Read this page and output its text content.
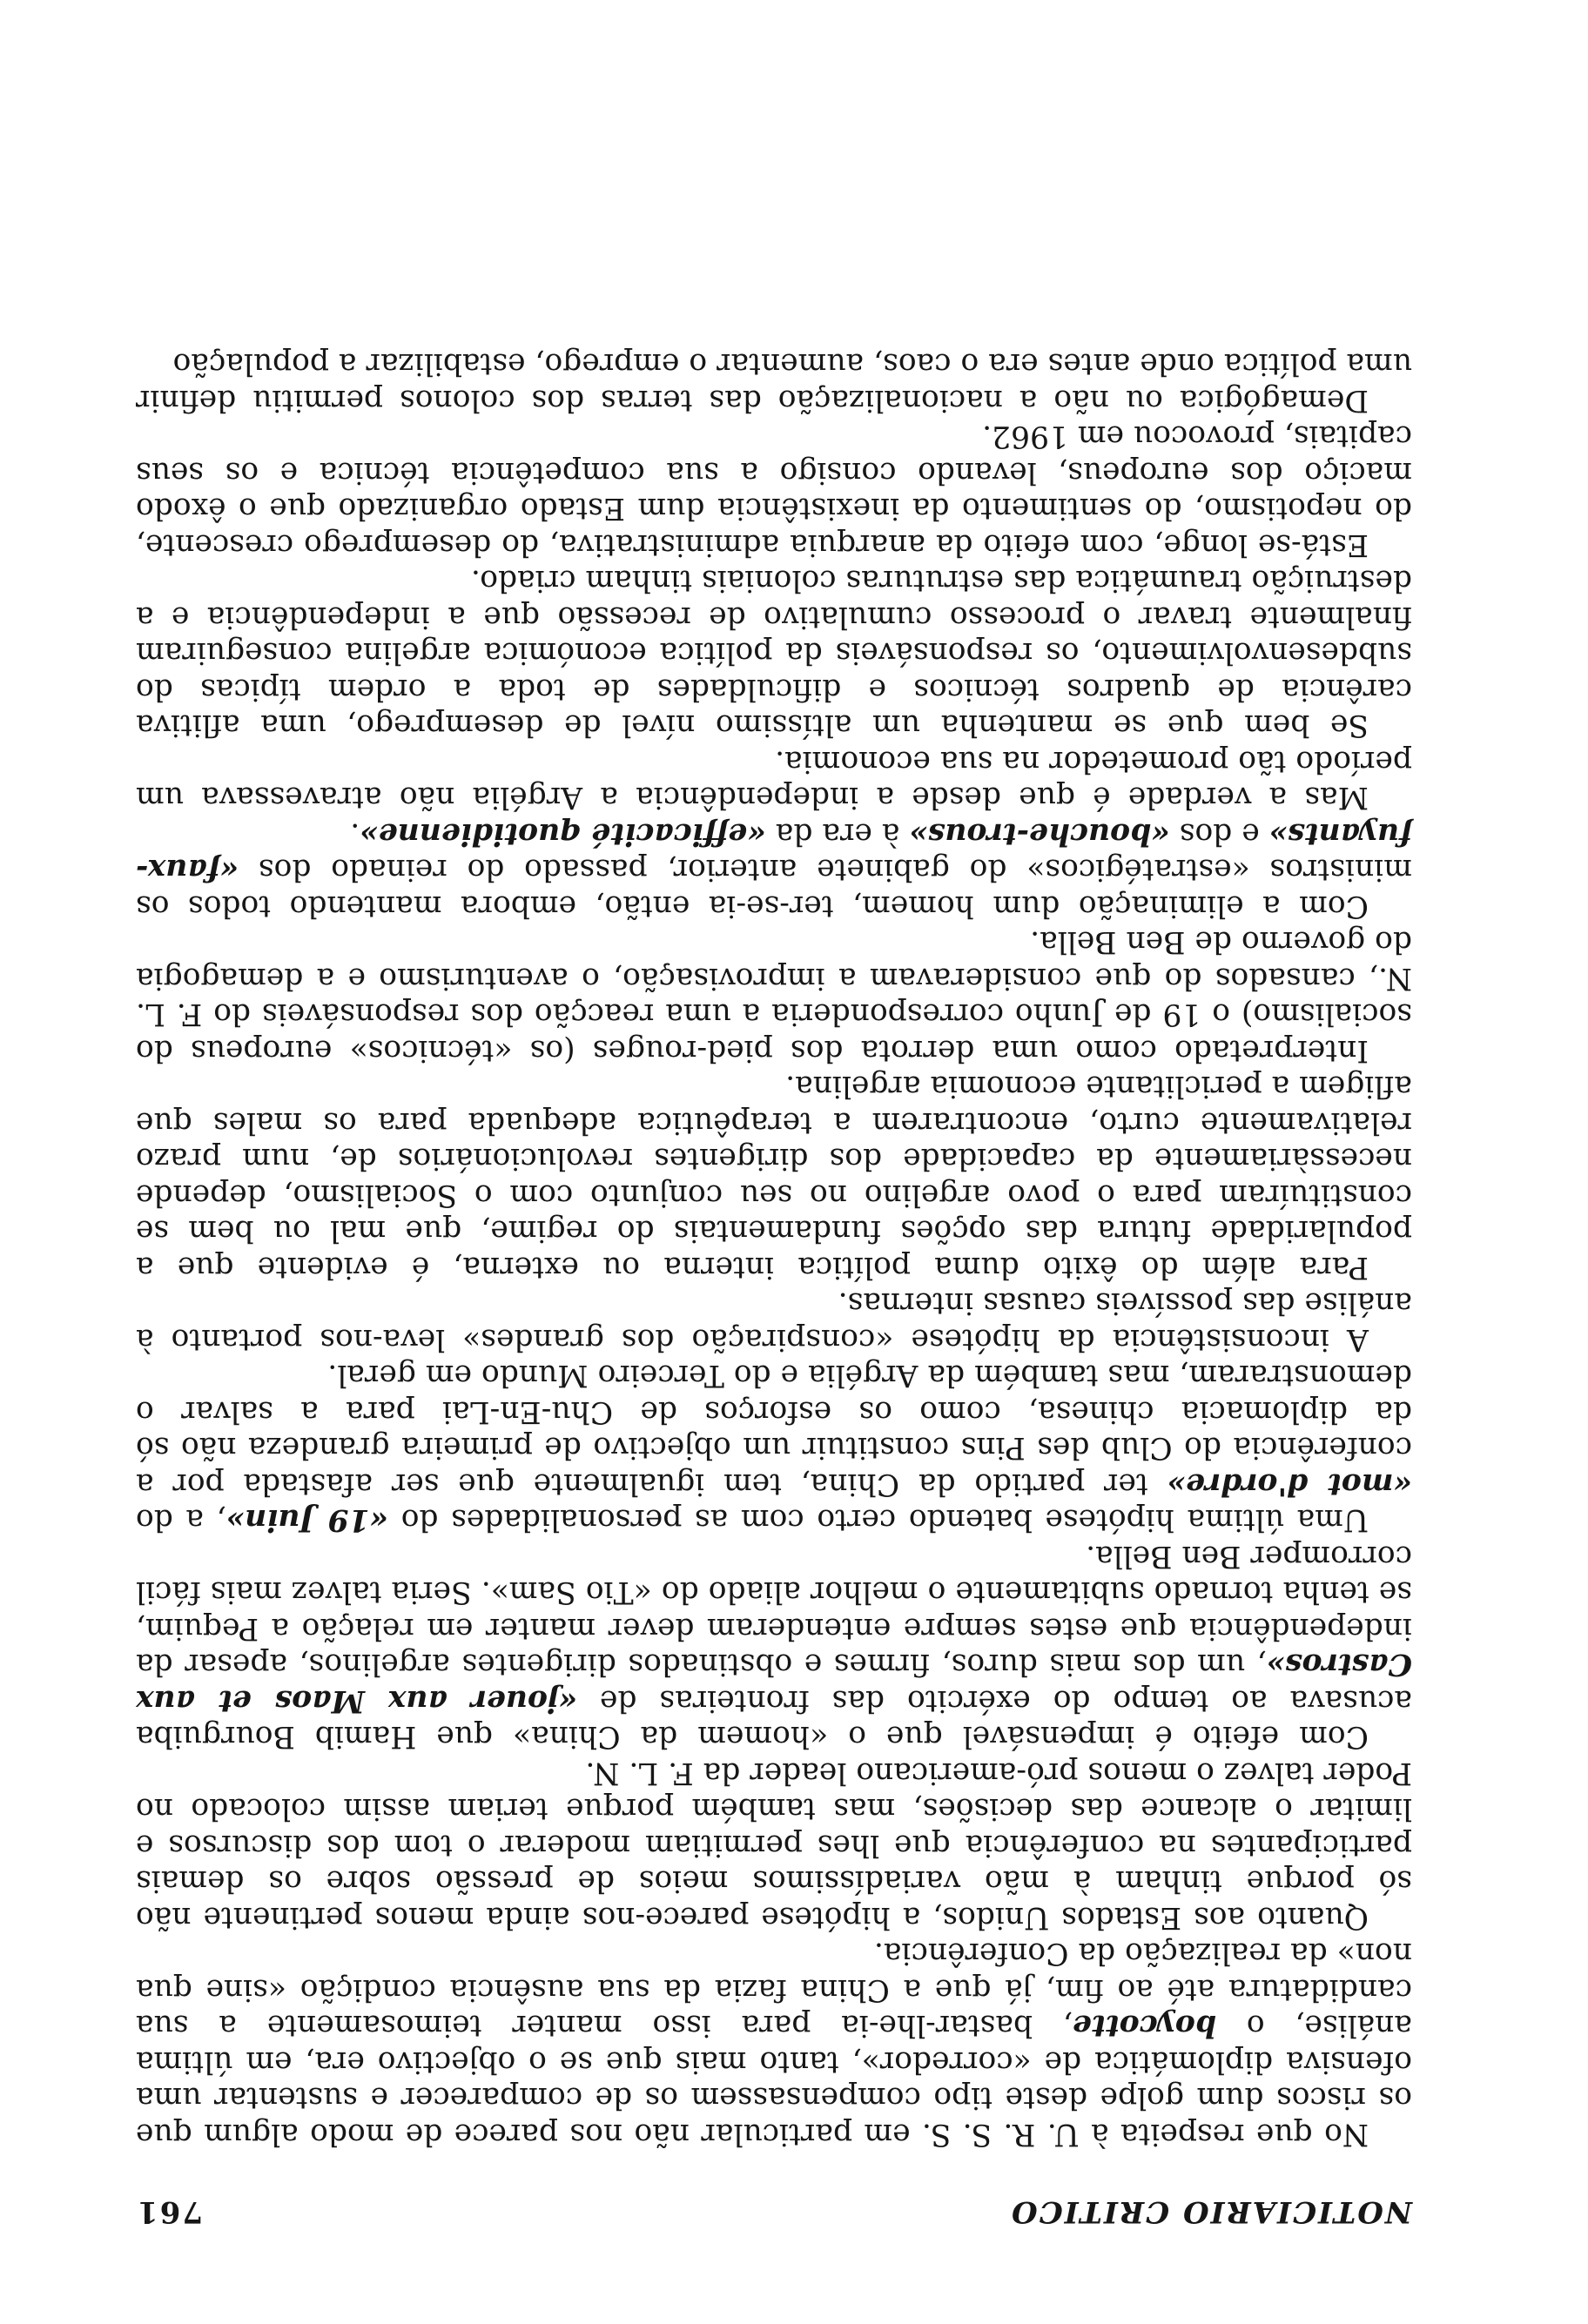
NOTICIARIO CRITICO
761

No que respeita à U. R. S. S. em particular não nos parece de modo algum que os riscos dum golpe deste tipo compensassem os de comparecer e sustentar uma ofensiva diplomática de «corredor», tanto mais que se o objectivo era, em última análise, o boycotte, bastar-lhe-ia para isso manter teimosamente a sua candidatura até ao fim, já que a China fazia da sua ausência condição «sine qua non» da realização da Conferência.

Quanto aos Estados Unidos, a hipótese parece-nos ainda menos pertinente não só porque tinham à mão variadíssimos meios de pressão sobre os demais participantes na conferência que lhes permitiam moderar o tom dos discursos e limitar o alcance das decisões, mas também porque teriam assim colocado no Poder talvez o menos pró-americano leader da F. L. N.

Com efeito é impensável que o «homem da China» que Hamib Bourguiba acusava ao tempo do exército das fronteiras de «jouer aux Maos et aux Castros», um dos mais duros, firmes e obstinados dirigentes argelinos, apesar da independência que estes sempre entenderam dever manter em relação a Pequim, se tenha tornado subitamente o melhor aliado do «Tio Sam». Seria talvez mais fácil corromper Ben Bella.

Uma última hipótese batendo certo com as personalidades do «19 Juin», a do «mot d'ordre» ter partido da China, tem igualmente que ser afastada por a conferência do Club des Pins constituir um objectivo de primeira grandeza não só da diplomacia chinesa, como os esforços de Chu-En-Lai para a salvar o demonstraram, mas também da Argélia e do Terceiro Mundo em geral.

A inconsistência da hipótese «conspiração dos grandes» leva-nos portanto à análise das possíveis causas internas.

Para além do êxito duma política interna ou externa, é evidente que a popularidade futura das opções fundamentais do regime, que mal ou bem se constituíram para o povo argelino no seu conjunto com o Socialismo, depende necessàriamente da capacidade dos dirigentes revolucionários de, num prazo relativamente curto, encontrarem a terapêutica adequada para os males que afligem a periclitante economia argelina.

Interpretado como uma derrota dos pied-rouges (os «técnicos» europeus do socialismo) o 19 de Junho corresponderia a uma reacção dos responsáveis do F. L. N., cansados do que consideravam a improvisação, o aventurismo e a demagogia do governo de Ben Bella.

Com a eliminação dum homem, ter-se-ia então, embora mantendo todos os ministros «estratégicos» do gabinete anterior, passado do reinado dos «faux-fuyants» e dos «bouche-trous» à era da «efficacité quotidienne».

Mas a verdade é que desde a independência a Argélia não atravessava um período tão prometedor na sua economia.

Se bem que se mantenha um altíssimo nível de desemprego, uma aflitiva carência de quadros técnicos e dificuldades de toda a ordem típicas do subdesenvolvimento, os responsáveis da política económica argelina conseguiram finalmente travar o processo cumulativo de recessão que a independência e a destruição traumática das estruturas coloniais tinham criado.

Está-se longe, com efeito da anarquia administrativa, do desemprego crescente, do nepotismo, do sentimento da inexistência dum Estado organizado que o êxodo maciço dos europeus, levando consigo a sua competência técnica e os seus capitais, provocou em 1962.

Demagógica ou não a nacionalização das terras dos colonos permitiu definir uma política onde antes era o caos, aumentar o emprego, estabilizar a população
